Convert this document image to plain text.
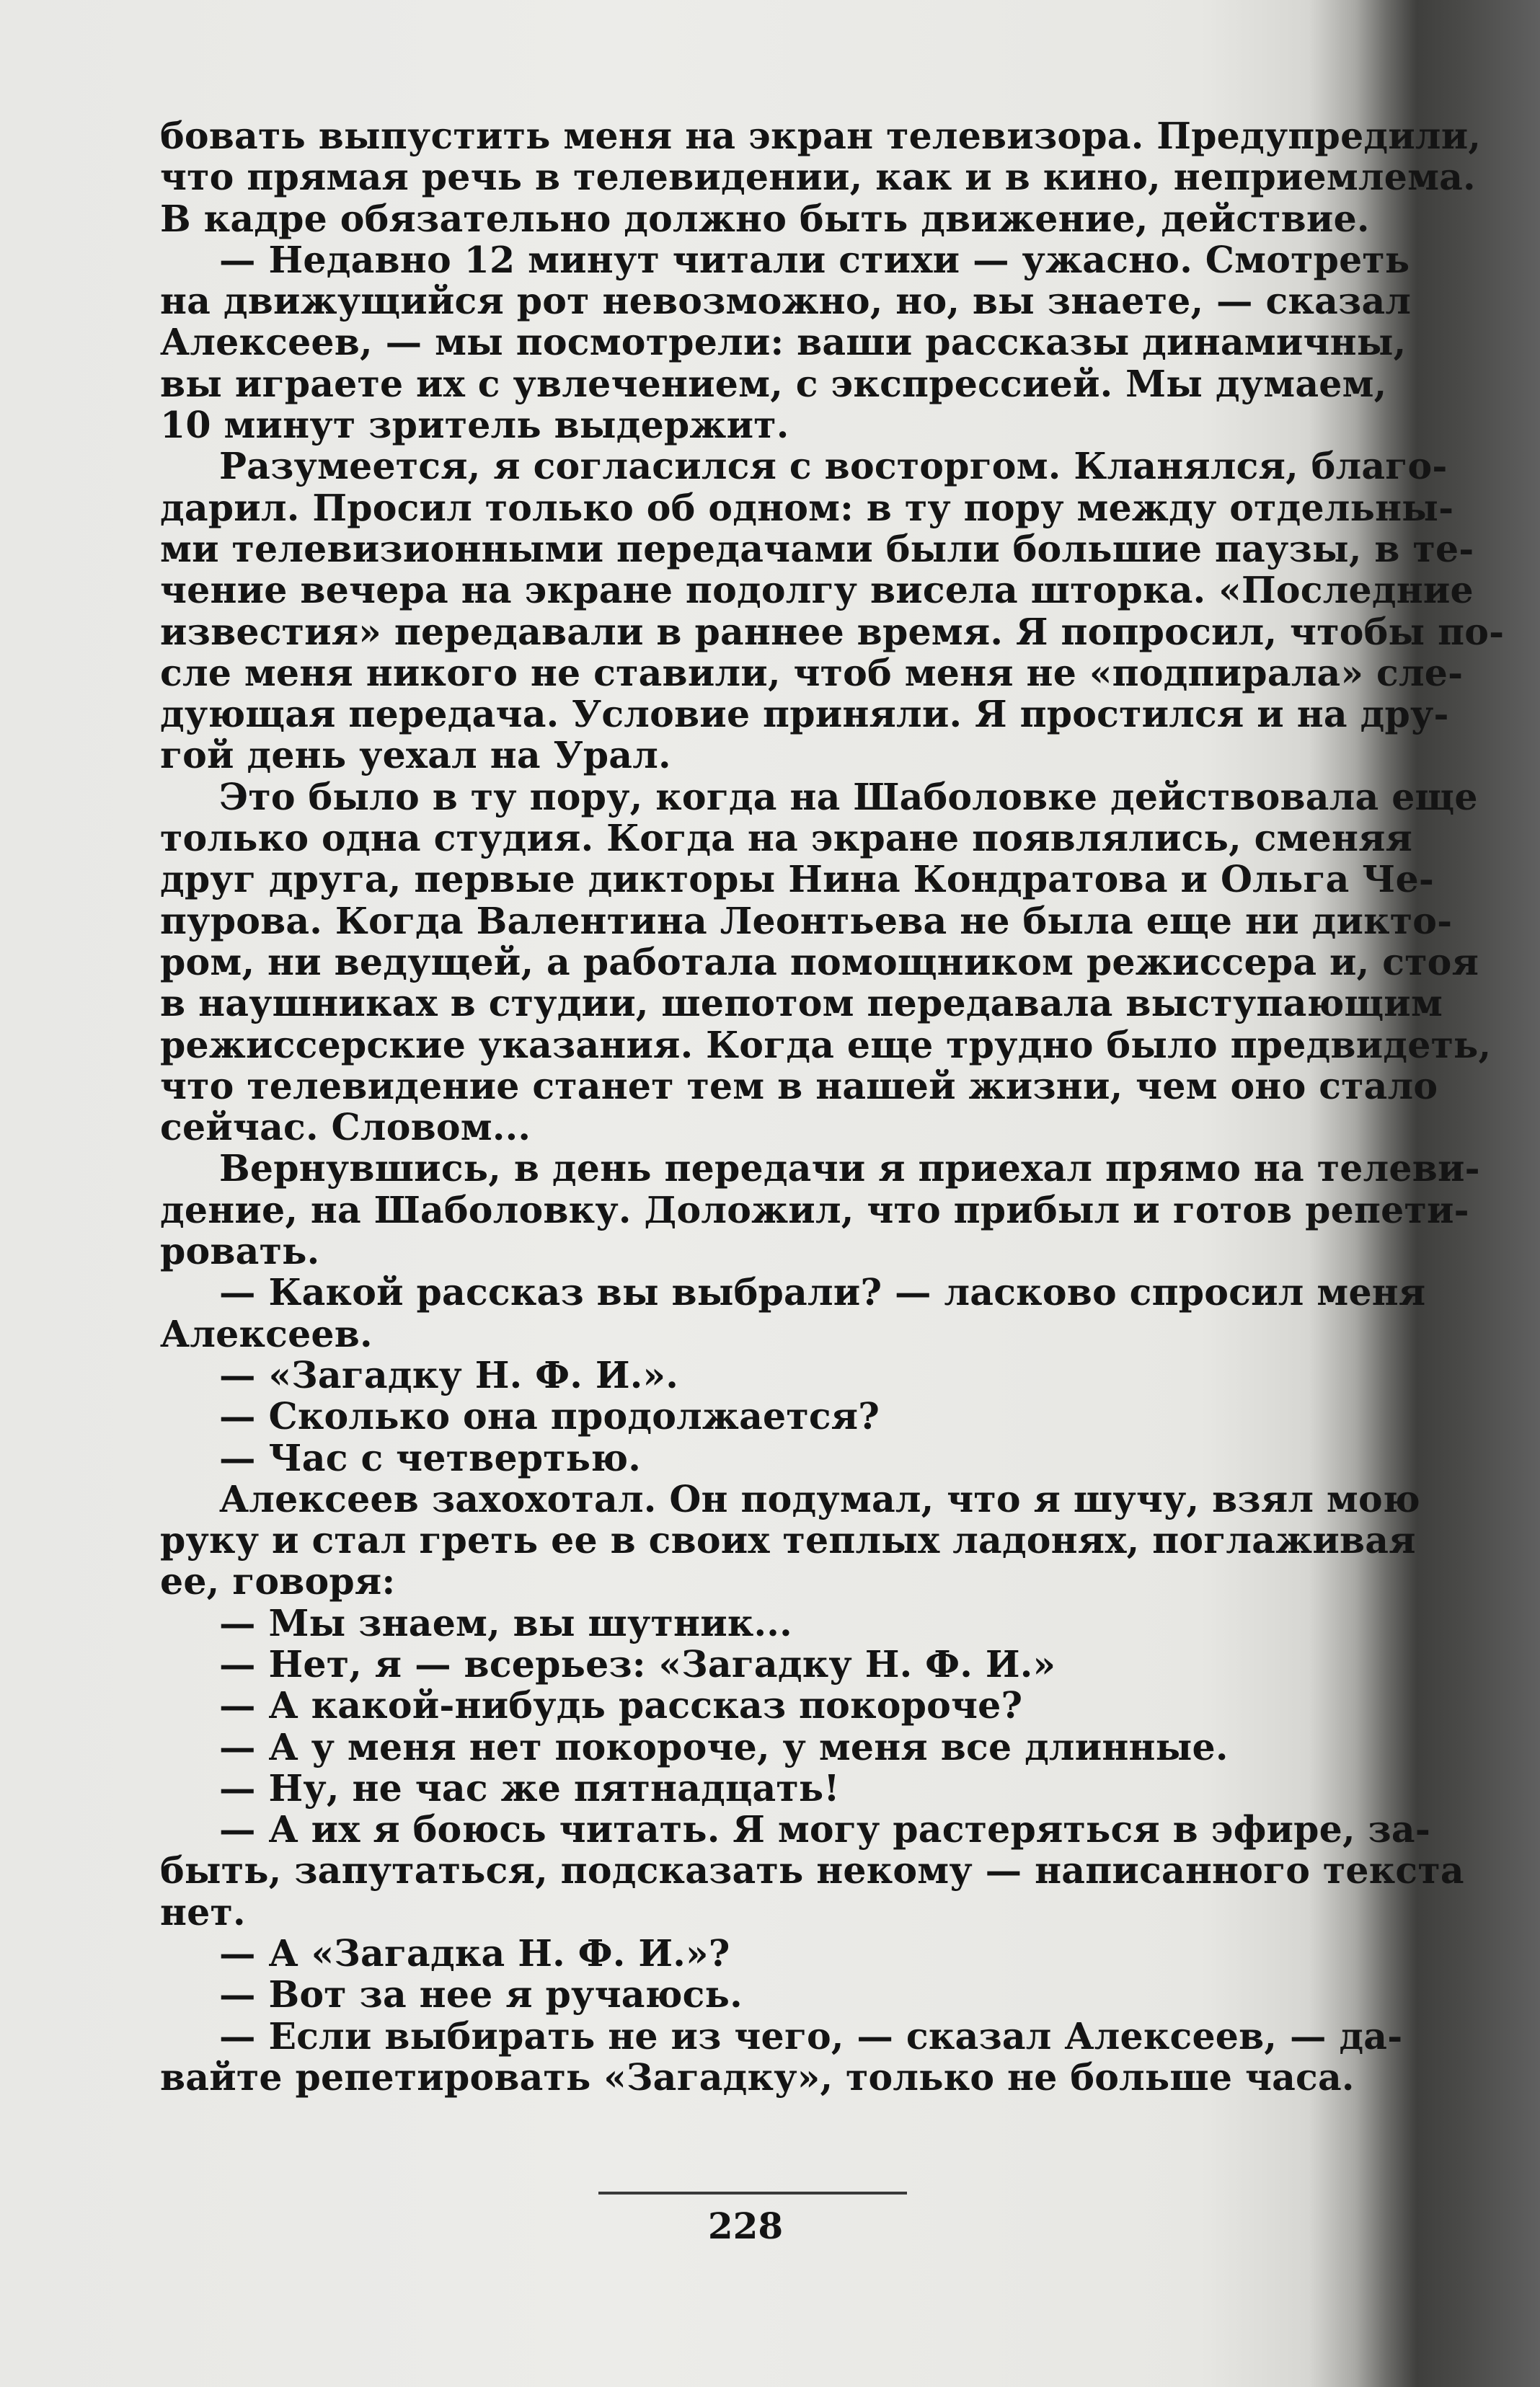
бовать выпустить меня на экран телевизора. Предупредили,
что прямая речь в телевидении, как и в кино, неприемлема.
В кадре обязательно должно быть движение, действие.
— Недавно 12 минут читали стихи — ужасно. Смотреть
на движущийся рот невозможно, но, вы знаете, — сказал
Алексеев, — мы посмотрели: ваши рассказы динамичны,
вы играете их с увлечением, с экспрессией. Мы думаем,
10 минут зритель выдержит.
Разумеется, я согласился с восторгом. Кланялся, благо-
дарил. Просил только об одном: в ту пору между отдельны-
ми телевизионными передачами были большие паузы, в те-
чение вечера на экране подолгу висела шторка. «Последние
известия» передавали в раннее время. Я попросил, чтобы по-
сле меня никого не ставили, чтоб меня не «подпирала» сле-
дующая передача. Условие приняли. Я простился и на дру-
гой день уехал на Урал.
Это было в ту пору, когда на Шаболовке действовала еще
только одна студия. Когда на экране появлялись, сменяя
друг друга, первые дикторы Нина Кондратова и Ольга Че-
пурова. Когда Валентина Леонтьева не была еще ни дикто-
ром, ни ведущей, а работала помощником режиссера и, стоя
в наушниках в студии, шепотом передавала выступающим
режиссерские указания. Когда еще трудно было предвидеть,
что телевидение станет тем в нашей жизни, чем оно стало
сейчас. Словом...
Вернувшись, в день передачи я приехал прямо на телеви-
дение, на Шаболовку. Доложил, что прибыл и готов репети-
ровать.
— Какой рассказ вы выбрали? — ласково спросил меня
Алексеев.
— «Загадку Н. Ф. И.».
— Сколько она продолжается?
— Час с четвертью.
Алексеев захохотал. Он подумал, что я шучу, взял мою
руку и стал греть ее в своих теплых ладонях, поглаживая
ее, говоря:
— Мы знаем, вы шутник...
— Нет, я — всерьез: «Загадку Н. Ф. И.»
— А какой-нибудь рассказ покороче?
— А у меня нет покороче, у меня все длинные.
— Ну, не час же пятнадцать!
— А их я боюсь читать. Я могу растеряться в эфире, за-
быть, запутаться, подсказать некому — написанного текста
нет.
— А «Загадка Н. Ф. И.»?
— Вот за нее я ручаюсь.
— Если выбирать не из чего, — сказал Алексеев, — да-
вайте репетировать «Загадку», только не больше часа.
228
